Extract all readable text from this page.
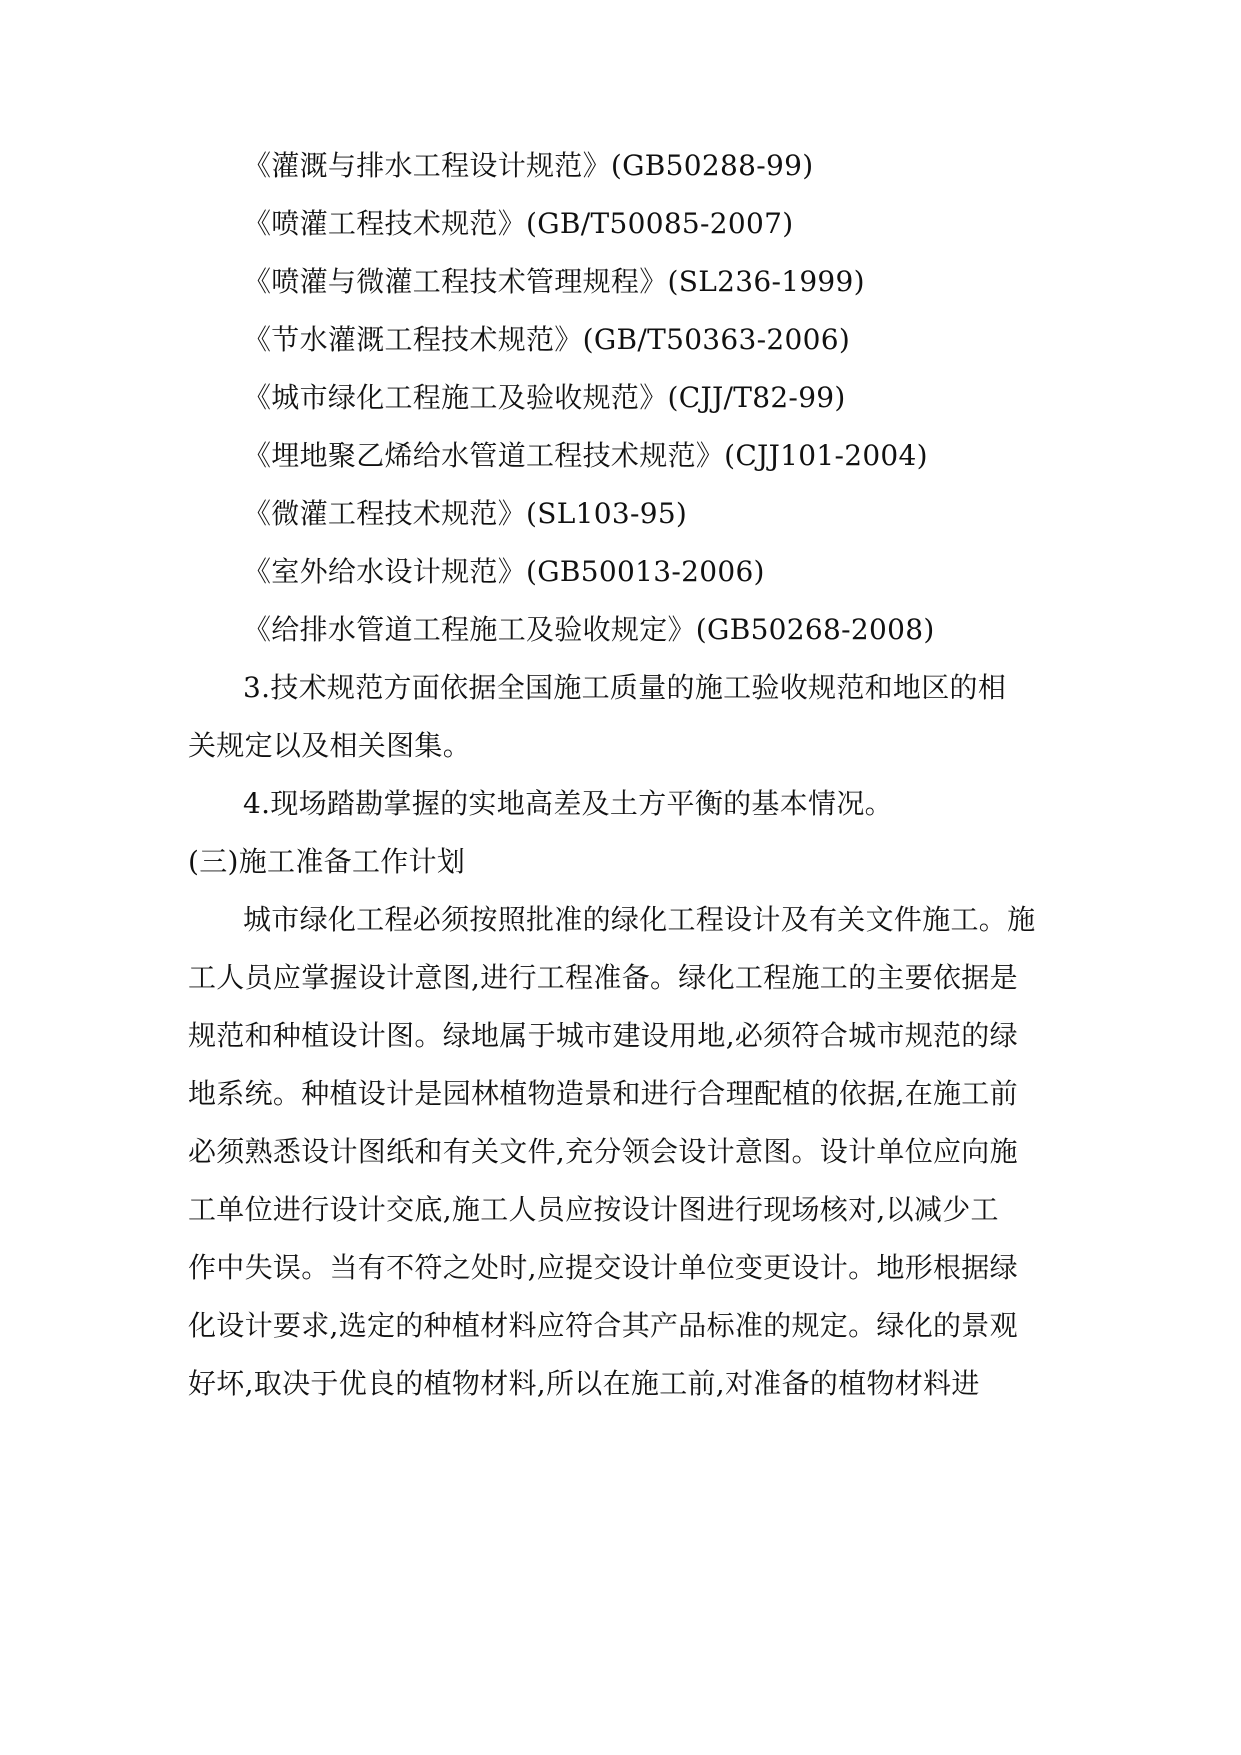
《灌溉与排水工程设计规范》(GB50288-99)
《喷灌工程技术规范》(GB/T50085-2007)
《喷灌与微灌工程技术管理规程》(SL236-1999)
《节水灌溉工程技术规范》(GB/T50363-2006)
《城市绿化工程施工及验收规范》(CJJ/T82-99)
《埋地聚乙烯给水管道工程技术规范》(CJJ101-2004)
《微灌工程技术规范》(SL103-95)
《室外给水设计规范》(GB50013-2006)
《给排水管道工程施工及验收规定》(GB50268-2008)
3.技术规范方面依据全国施工质量的施工验收规范和地区的相
关规定以及相关图集。
4.现场踏勘掌握的实地高差及土方平衡的基本情况。
(三)施工准备工作计划
城市绿化工程必须按照批准的绿化工程设计及有关文件施工。施
工人员应掌握设计意图,进行工程准备。绿化工程施工的主要依据是
规范和种植设计图。绿地属于城市建设用地,必须符合城市规范的绿
地系统。种植设计是园林植物造景和进行合理配植的依据,在施工前
必须熟悉设计图纸和有关文件,充分领会设计意图。设计单位应向施
工单位进行设计交底,施工人员应按设计图进行现场核对,以减少工
作中失误。当有不符之处时,应提交设计单位变更设计。地形根据绿
化设计要求,选定的种植材料应符合其产品标准的规定。绿化的景观
好坏,取决于优良的植物材料,所以在施工前,对准备的植物材料进
